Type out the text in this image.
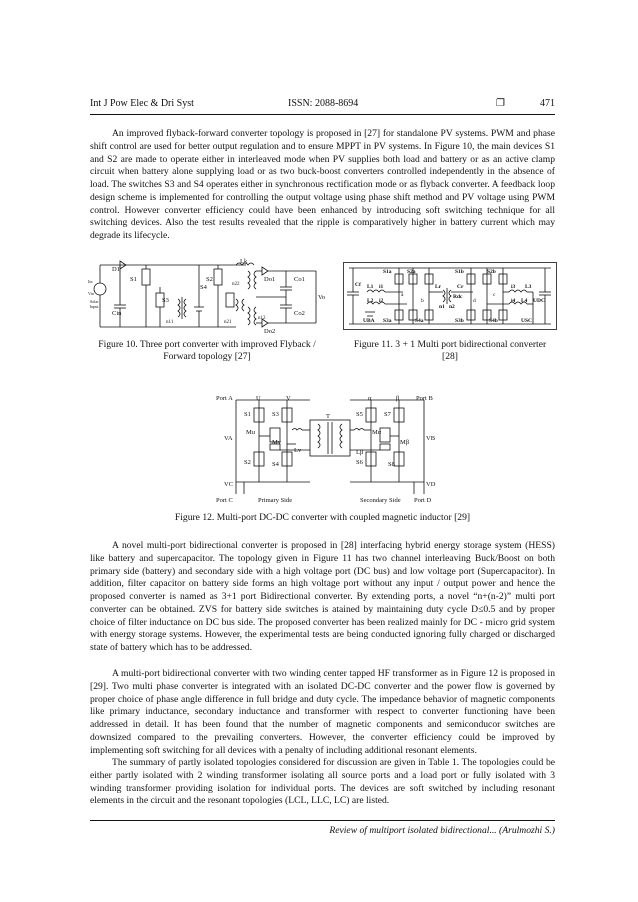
Int J Pow Elec & Dri Syst	ISSN: 2088-8694	❐	471

An improved flyback-forward converter topology is proposed in [27] for standalone PV systems. PWM and phase shift control are used for better output regulation and to ensure MPPT in PV systems. In Figure 10, the main devices S1 and S2 are made to operate either in interleaved mode when PV supplies both load and battery or as an active clamp circuit when battery alone supplying load or as two buck-boost converters controlled independently in the absence of load. The switches S3 and S4 operates either in synchronous rectification mode or as flyback converter. A feedback loop design scheme is implemented for controlling the output voltage using phase shift method and PV voltage using PWM control. However converter efficiency could have been enhanced by introducing soft switching technique for all switching devices. Also the test results revealed that the ripple is comparatively higher in battery current which may degrade its lifecycle.

D1
Iin
Vin
Solar
Input
S1
Cin
S3
n11
S2
S4
Lk
n22
n21
n12
Do1
Do2
Co1
Co2
Vo

Figure 10. Three port converter with improved Flyback / Forward topology [27]

S1a	S2a	S1b	S2b
S3a	S4a	S3b	S4b
L1 i1
L2 i2
L3
i3
L4
i4
a
b
c
d
Lr	Cr
n1 n2
Rdc
Cf
UBA
UDC
USC

Figure 11. 3 + 1 Multi port bidirectional converter [28]

Port A	U	V	α	β	Port B
VA	VB
VC	VD
S1	S3
S2	S4
S5	S7
S6	S8
Mu
Mv
Mα
Mβ
Lv	Lβ
T
Port C	Primary Side	Secondary Side Port D

Figure 12. Multi-port DC-DC converter with coupled magnetic inductor [29]

A novel multi-port bidirectional converter is proposed in [28] interfacing hybrid energy storage system (HESS) like battery and supercapacitor. The topology given in Figure 11 has two channel interleaving Buck/Boost on both primary side (battery) and secondary side with a high voltage port (DC bus) and low voltage port (Supercapacitor). In addition, filter capacitor on battery side forms an high voltage port without any input / output power and hence the proposed converter is named as 3+1 port Bidirectional converter. By extending ports, a novel “n+(n-2)” multi port converter can be obtained. ZVS for battery side switches is atained by maintaining duty cycle D≤0.5 and by proper choice of filter inductance on DC bus side. The proposed converter has been realized mainly for DC - micro grid system with energy storage systems. However, the experimental tests are being conducted ignoring fully charged or discharged state of battery which has to be addressed.

A multi-port bidirectional converter with two winding center tapped HF transformer as in Figure 12 is proposed in [29]. Two multi phase converter is integrated with an isolated DC-DC converter and the power flow is governed by proper choice of phase angle difference in full bridge and duty cycle. The impedance behavior of magnetic components like primary inductance, secondary inductance and transformer with respect to converter functioning have been addressed in detail. It has been found that the number of magnetic components and semiconducor switches are downsized compared to the prevailing converters. However, the converter efficiency could be improved by implementing soft switching for all devices with a penalty of including additional resonant elements.

The summary of partly isolated topologies considered for discussion are given in Table 1. The topologies could be either partly isolated with 2 winding transformer isolating all source ports and a load port or fully isolated with 3 winding transformer providing isolation for individual ports. The devices are soft switched by including resonant elements in the circuit and the resonant topologies (LCL, LLC, LC) are listed.

Review of multiport isolated bidirectional... (Arulmozhi S.)
